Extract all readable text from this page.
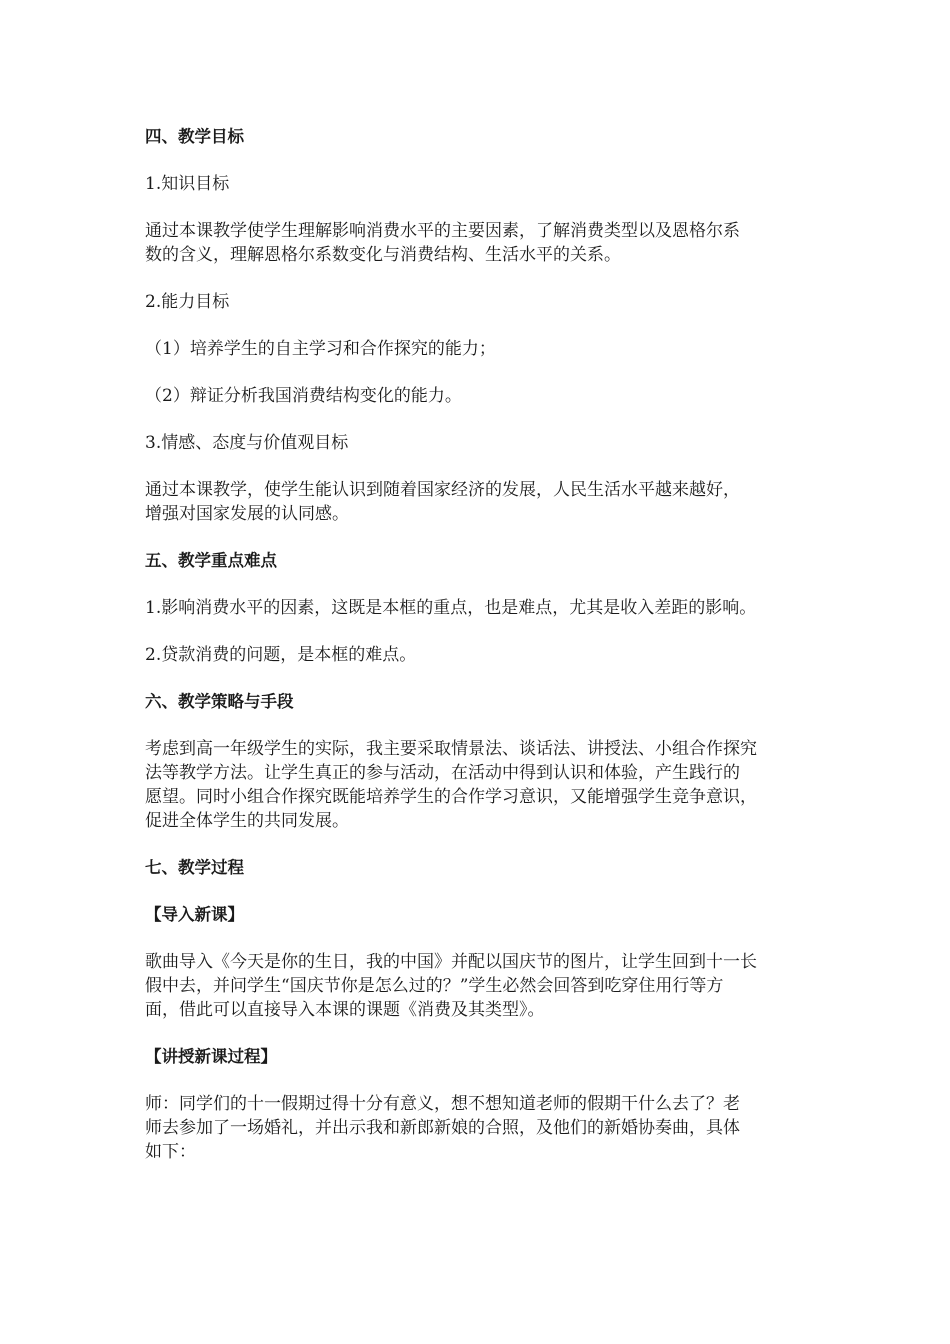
四、教学目标

1.知识目标

通过本课教学使学生理解影响消费水平的主要因素，了解消费类型以及恩格尔系

数的含义，理解恩格尔系数变化与消费结构、生活水平的关系。

2.能力目标

（1）培养学生的自主学习和合作探究的能力；

（2）辩证分析我国消费结构变化的能力。

3.情感、态度与价值观目标

通过本课教学，使学生能认识到随着国家经济的发展，人民生活水平越来越好，

增强对国家发展的认同感。

五、教学重点难点

1.影响消费水平的因素，这既是本框的重点，也是难点，尤其是收入差距的影响。

2.贷款消费的问题，是本框的难点。

六、教学策略与手段

考虑到高一年级学生的实际，我主要采取情景法、谈话法、讲授法、小组合作探究

法等教学方法。让学生真正的参与活动，在活动中得到认识和体验，产生践行的

愿望。同时小组合作探究既能培养学生的合作学习意识，又能增强学生竞争意识，

促进全体学生的共同发展。

七、教学过程
【导入新课】

歌曲导入《今天是你的生日，我的中国》并配以国庆节的图片，让学生回到十一长

假中去，并问学生“国庆节你是怎么过的？”学生必然会回答到吃穿住用行等方

面，借此可以直接导入本课的课题《消费及其类型》。

【讲授新课过程】

师：同学们的十一假期过得十分有意义，想不想知道老师的假期干什么去了？老

师去参加了一场婚礼，并出示我和新郎新娘的合照，及他们的新婚协奏曲，具体

如下：
